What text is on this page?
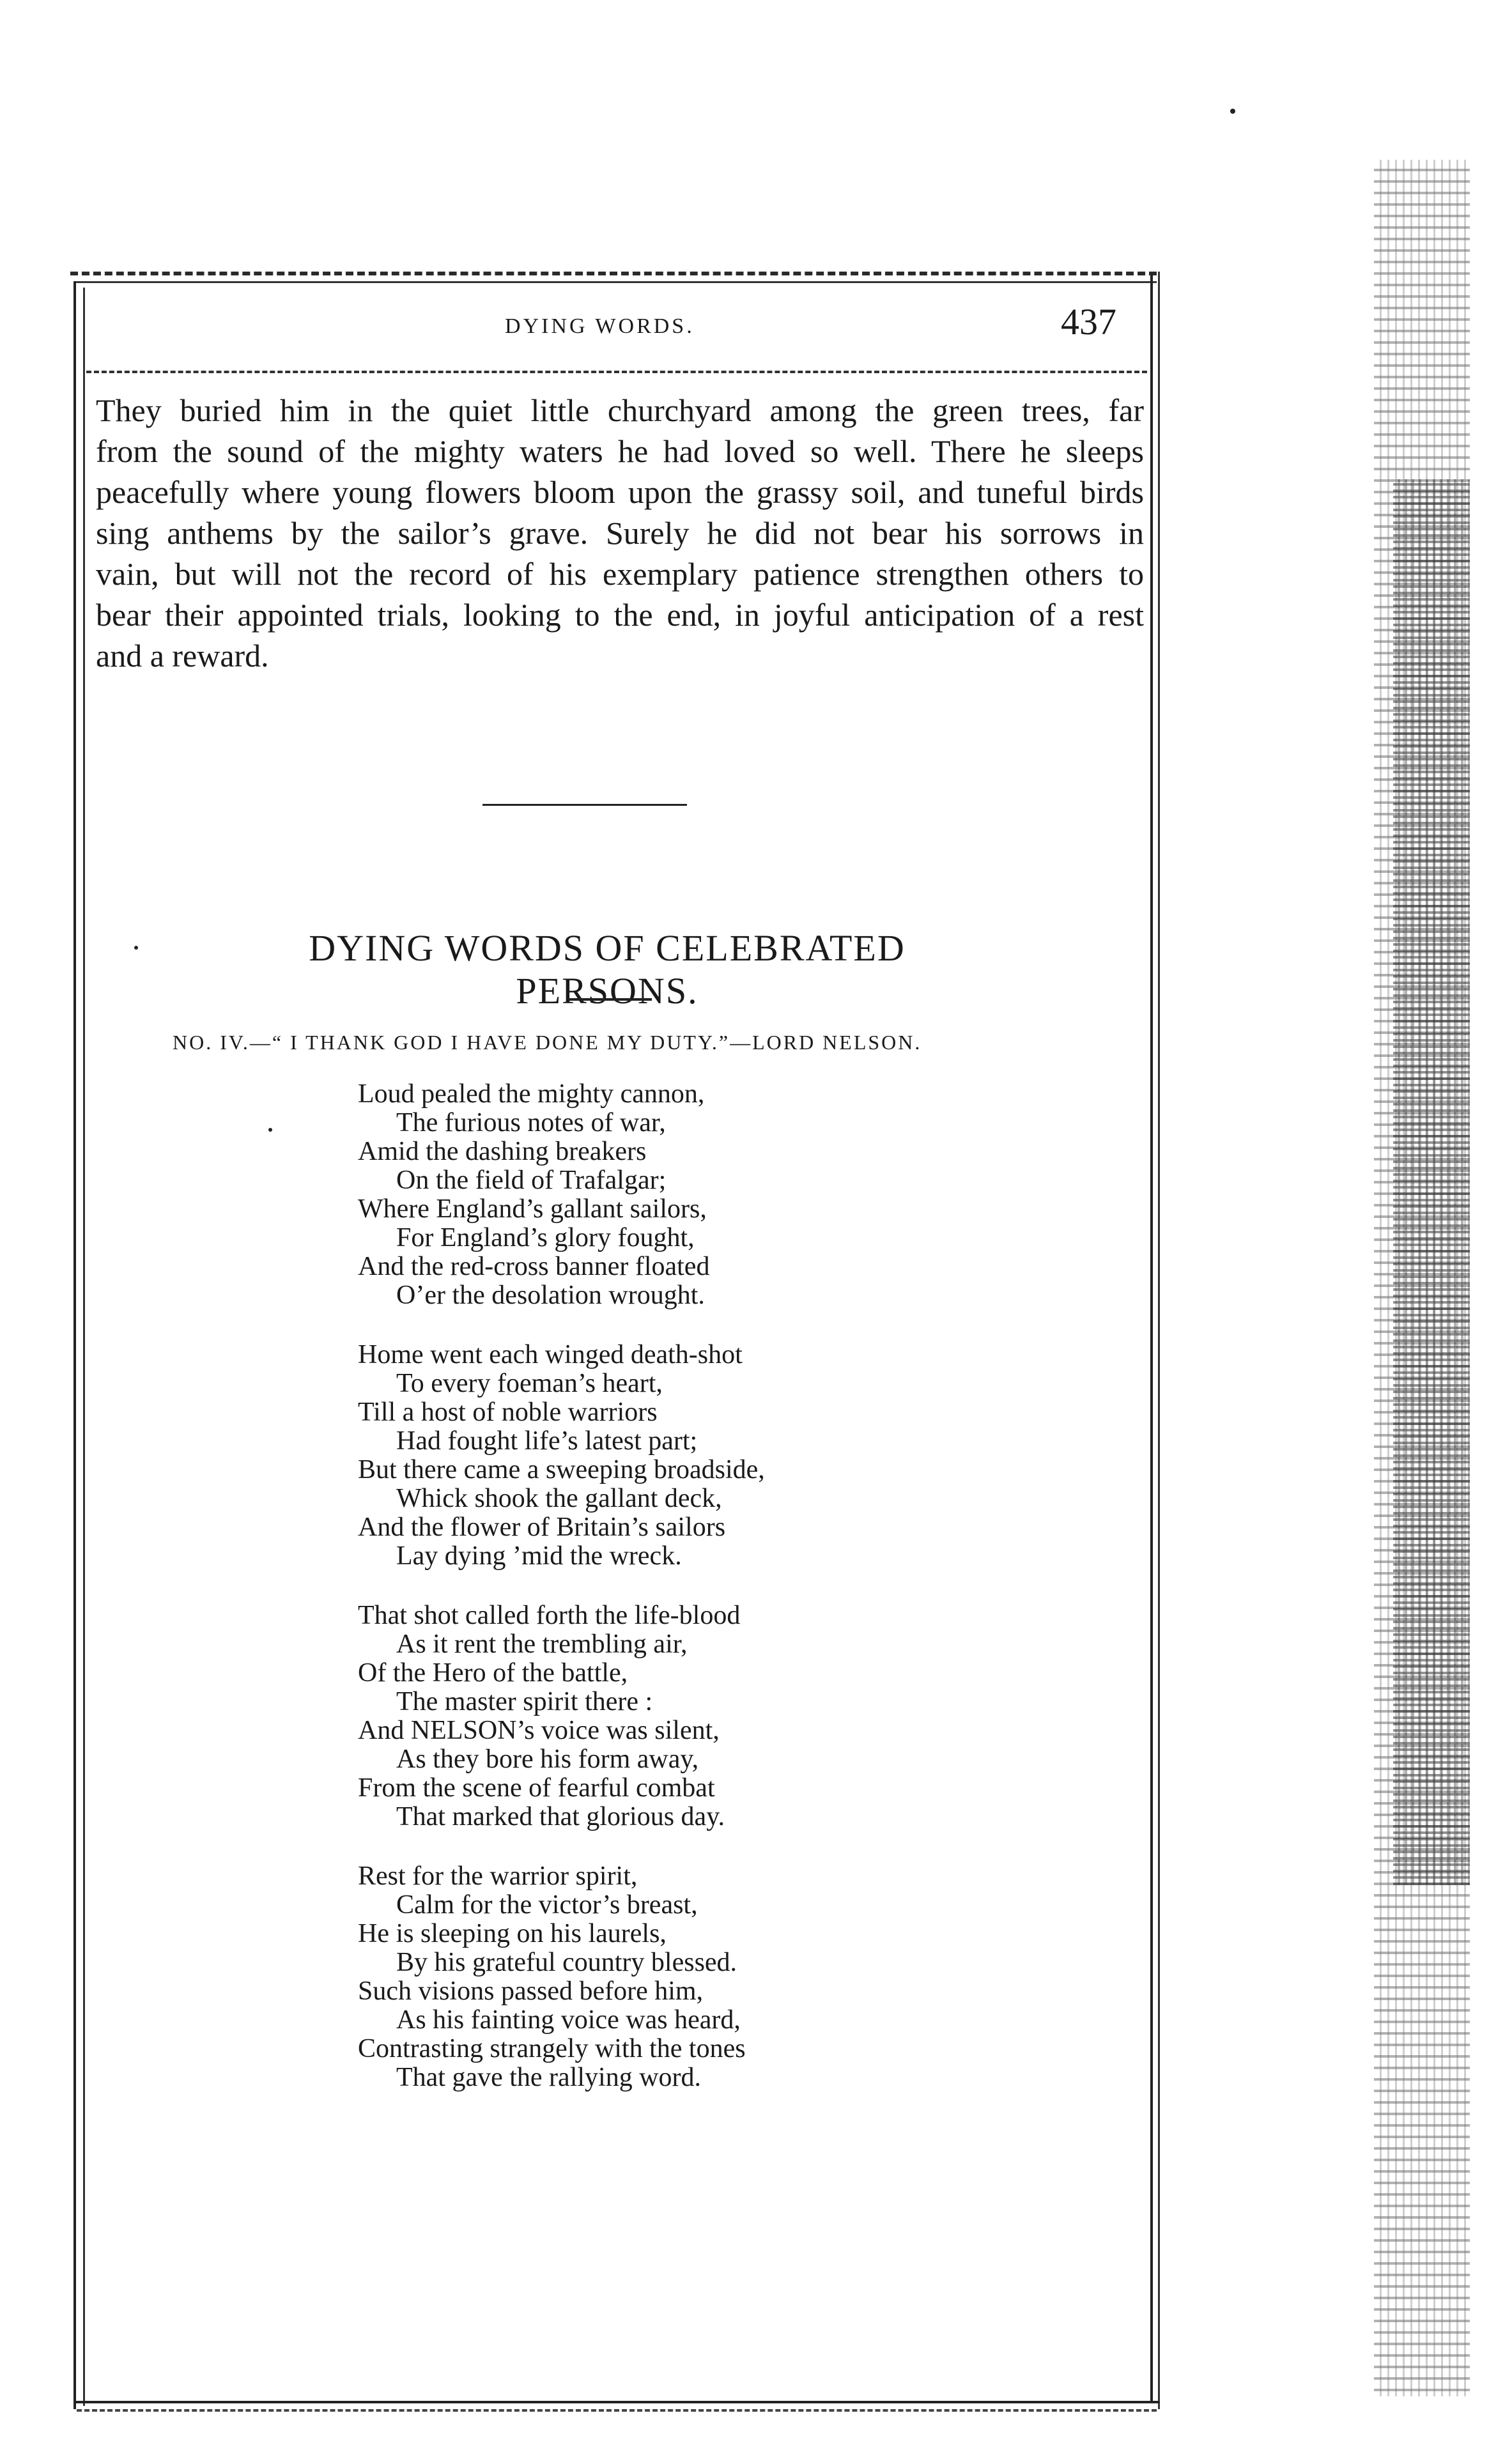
DYING WORDS.	437
They buried him in the quiet little churchyard among the green trees, far
from the sound of the mighty waters he had loved so well. There he sleeps
peacefully where young flowers bloom upon the grassy soil, and tuneful birds
sing anthems by the sailor’s grave. Surely he did not bear his sorrows in
vain, but will not the record of his exemplary patience strengthen others to
bear their appointed trials, looking to the end, in joyful anticipation of a rest
and a reward.
DYING WORDS OF CELEBRATED PERSONS.
NO. IV.—“ I THANK GOD I HAVE DONE MY DUTY.”—LORD NELSON.
Loud pealed the mighty cannon,
The furious notes of war,
Amid the dashing breakers
On the field of Trafalgar;
Where England’s gallant sailors,
For England’s glory fought,
And the red-cross banner floated
O’er the desolation wrought.
Home went each winged death-shot
To every foeman’s heart,
Till a host of noble warriors
Had fought life’s latest part;
But there came a sweeping broadside,
Whick shook the gallant deck,
And the flower of Britain’s sailors
Lay dying ’mid the wreck.
That shot called forth the life-blood
As it rent the trembling air,
Of the Hero of the battle,
The master spirit there :
And NELSON’s voice was silent,
As they bore his form away,
From the scene of fearful combat
That marked that glorious day.
Rest for the warrior spirit,
Calm for the victor’s breast,
He is sleeping on his laurels,
By his grateful country blessed.
Such visions passed before him,
As his fainting voice was heard,
Contrasting strangely with the tones
That gave the rallying word.
